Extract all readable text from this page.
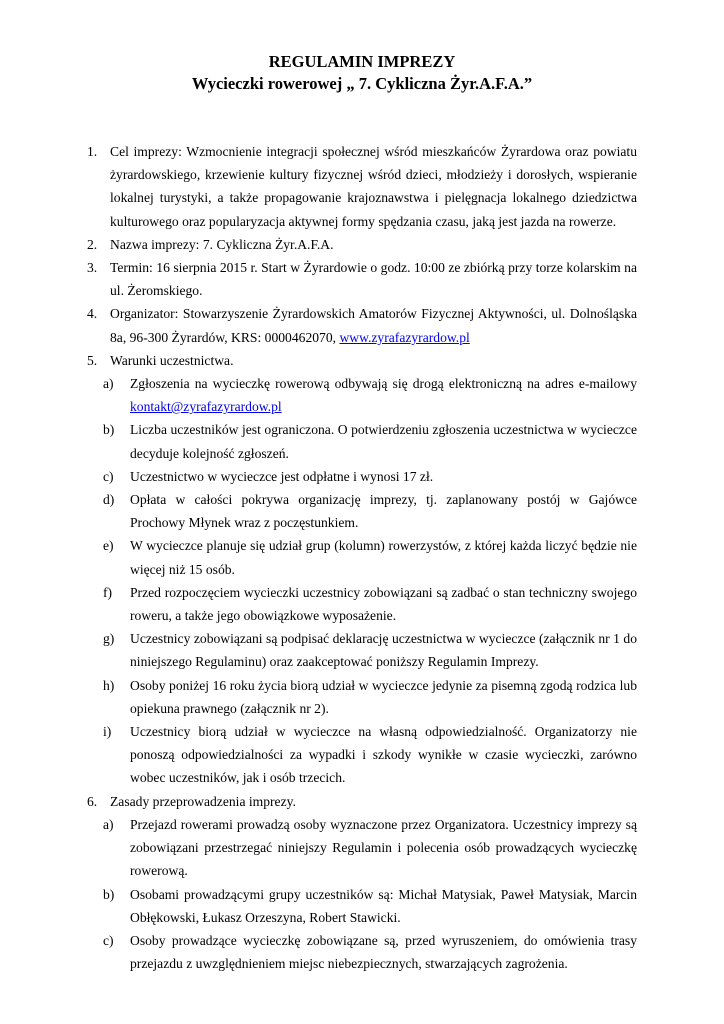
REGULAMIN IMPREZY
Wycieczki rowerowej „ 7. Cykliczna Żyr.A.F.A.”
1. Cel imprezy: Wzmocnienie integracji społecznej wśród mieszkańców Żyrardowa oraz powiatu żyrardowskiego, krzewienie kultury fizycznej wśród dzieci, młodzieży i dorosłych, wspieranie lokalnej turystyki, a także propagowanie krajoznawstwa i pielęgnacja lokalnego dziedzictwa kulturowego oraz popularyzacja aktywnej formy spędzania czasu, jaką jest jazda na rowerze.
2. Nazwa imprezy: 7. Cykliczna Żyr.A.F.A.
3. Termin: 16 sierpnia 2015 r. Start w Żyrardowie o godz. 10:00 ze zbiórką przy torze kolarskim na ul. Żeromskiego.
4. Organizator: Stowarzyszenie Żyrardowskich Amatorów Fizycznej Aktywności, ul. Dolnośląska 8a, 96-300 Żyrardów, KRS: 0000462070, www.zyrafazyrardow.pl
5. Warunki uczestnictwa.
a) Zgłoszenia na wycieczkę rowerową odbywają się drogą elektroniczną na adres e-mailowy kontakt@zyrafazyrardow.pl
b) Liczba uczestników jest ograniczona. O potwierdzeniu zgłoszenia uczestnictwa w wycieczce decyduje kolejność zgłoszeń.
c) Uczestnictwo w wycieczce jest odpłatne i wynosi 17 zł.
d) Opłata w całości pokrywa organizację imprezy, tj. zaplanowany postój w Gajówce Prochowy Młynek wraz z poczęstunkiem.
e) W wycieczce planuje się udział grup (kolumn) rowerzystów, z której każda liczyć będzie nie więcej niż 15 osób.
f) Przed rozpoczęciem wycieczki uczestnicy zobowiązani są zadbać o stan techniczny swojego roweru, a także jego obowiązkowe wyposażenie.
g) Uczestnicy zobowiązani są podpisać deklarację uczestnictwa w wycieczce (załącznik nr 1 do niniejszego Regulaminu) oraz zaakceptować poniższy Regulamin Imprezy.
h) Osoby poniżej 16 roku życia biorą udział w wycieczce jedynie za pisemną zgodą rodzica lub opiekuna prawnego (załącznik nr 2).
i) Uczestnicy biorą udział w wycieczce na własną odpowiedzialność. Organizatorzy nie ponoszą odpowiedzialności za wypadki i szkody wynikłe w czasie wycieczki, zarówno wobec uczestników, jak i osób trzecich.
6. Zasady przeprowadzenia imprezy.
a) Przejazd rowerami prowadzą osoby wyznaczone przez Organizatora. Uczestnicy imprezy są zobowiązani przestrzegać niniejszy Regulamin i polecenia osób prowadzących wycieczkę rowerową.
b) Osobami prowadzącymi grupy uczestników są: Michał Matysiak, Paweł Matysiak, Marcin Obłękowski, Łukasz Orzeszyna, Robert Stawicki.
c) Osoby prowadzące wycieczkę zobowiązane są, przed wyruszeniem, do omówienia trasy przejazdu z uwzględnieniem miejsc niebezpiecznych, stwarzających zagrożenia.
